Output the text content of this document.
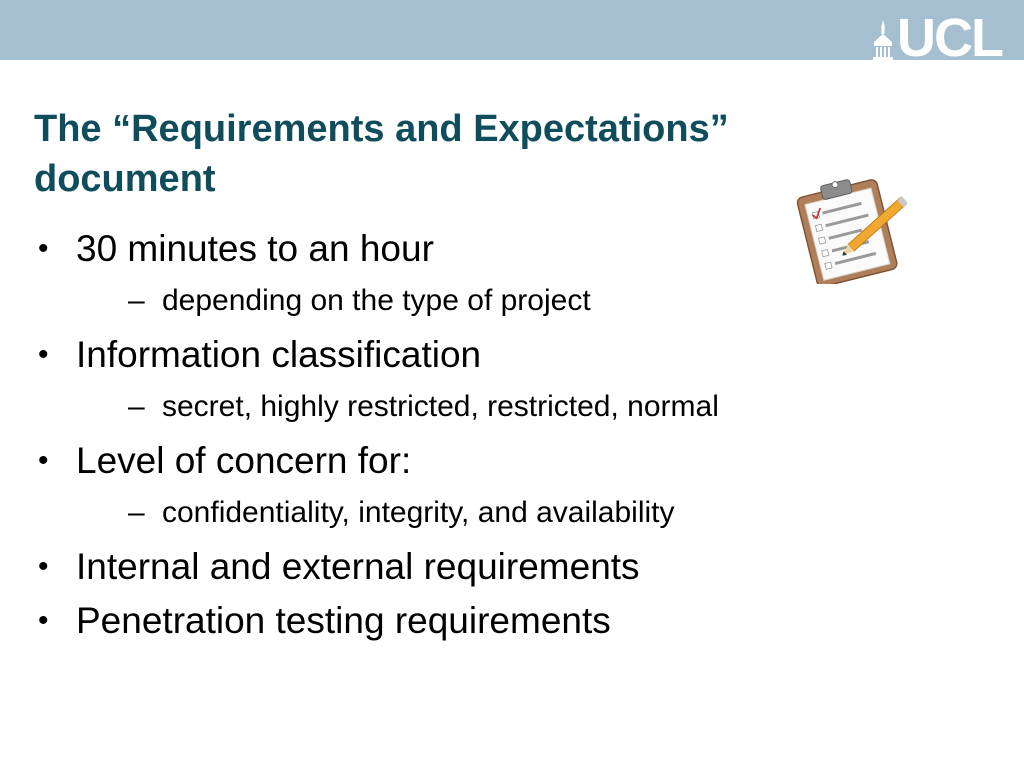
UCL
The “Requirements and Expectations”
document
• 30 minutes to an hour
– depending on the type of project
• Information classification
– secret, highly restricted, restricted, normal
• Level of concern for:
– confidentiality, integrity, and availability
• Internal and external requirements
• Penetration testing requirements
